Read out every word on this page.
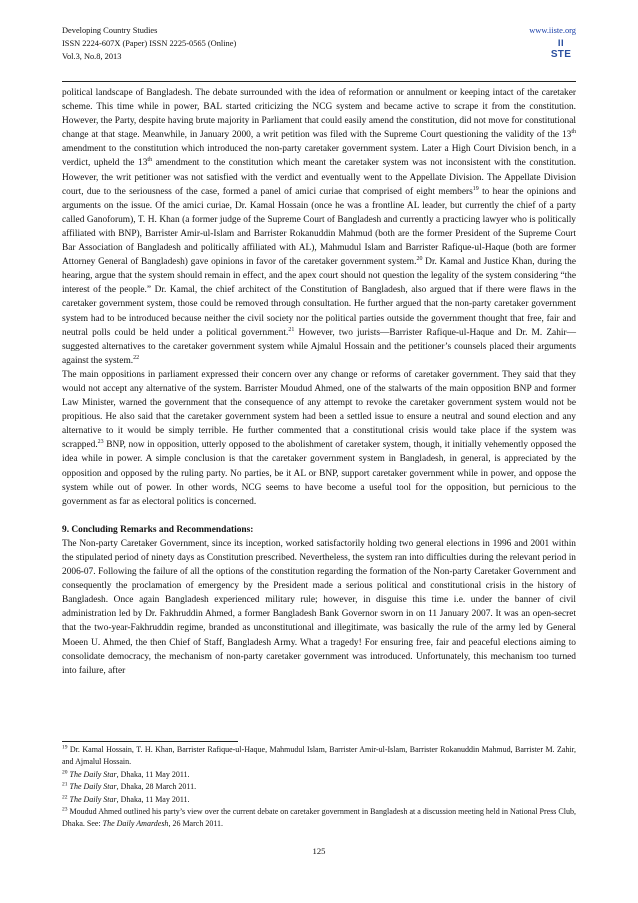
Developing Country Studies
ISSN 2224-607X (Paper) ISSN 2225-0565 (Online)
Vol.3, No.8, 2013
www.iiste.org
II
STE

political landscape of Bangladesh. The debate surrounded with the idea of reformation or annulment or keeping intact of the caretaker scheme. This time while in power, BAL started criticizing the NCG system and became active to scrape it from the constitution. However, the Party, despite having brute majority in Parliament that could easily amend the constitution, did not move for constitutional change at that stage. Meanwhile, in January 2000, a writ petition was filed with the Supreme Court questioning the validity of the 13th amendment to the constitution which introduced the non-party caretaker government system. Later a High Court Division bench, in a verdict, upheld the 13th amendment to the constitution which meant the caretaker system was not inconsistent with the constitution. However, the writ petitioner was not satisfied with the verdict and eventually went to the Appellate Division. The Appellate Division court, due to the seriousness of the case, formed a panel of amici curiae that comprised of eight members$^{19}$ to hear the opinions and arguments on the issue. Of the amici curiae, Dr. Kamal Hossain (once he was a frontline AL leader, but currently the chief of a party called Ganoforum), T. H. Khan (a former judge of the Supreme Court of Bangladesh and currently a practicing lawyer who is politically affiliated with BNP), Barrister Amir-ul-Islam and Barrister Rokanuddin Mahmud (both are the former President of the Supreme Court Bar Association of Bangladesh and politically affiliated with AL), Mahmudul Islam and Barrister Rafique-ul-Haque (both are former Attorney General of Bangladesh) gave opinions in favor of the caretaker government system.$^{20}$ Dr. Kamal and Justice Khan, during the hearing, argue that the system should remain in effect, and the apex court should not question the legality of the system considering “the interest of the people.” Dr. Kamal, the chief architect of the Constitution of Bangladesh, also argued that if there were flaws in the caretaker government system, those could be removed through consultation. He further argued that the non-party caretaker government system had to be introduced because neither the civil society nor the political parties outside the government thought that free, fair and neutral polls could be held under a political government.$^{21}$ However, two jurists—Barrister Rafique-ul-Haque and Dr. M. Zahir—suggested alternatives to the caretaker government system while Ajmalul Hossain and the petitioner’s counsels placed their arguments against the system.$^{22}$

The main oppositions in parliament expressed their concern over any change or reforms of caretaker government. They said that they would not accept any alternative of the system. Barrister Moudud Ahmed, one of the stalwarts of the main opposition BNP and former Law Minister, warned the government that the consequence of any attempt to revoke the caretaker government system would not be propitious. He also said that the caretaker government system had been a settled issue to ensure a neutral and sound election and any alternative to it would be simply terrible. He further commented that a constitutional crisis would take place if the system was scrapped.$^{23}$ BNP, now in opposition, utterly opposed to the abolishment of caretaker system, though, it initially vehemently opposed the idea while in power. A simple conclusion is that the caretaker government system in Bangladesh, in general, is appreciated by the opposition and opposed by the ruling party. No parties, be it AL or BNP, support caretaker government while in power, and oppose the system while out of power. In other words, NCG seems to have become a useful tool for the opposition, but pernicious to the government as far as electoral politics is concerned.

9. Concluding Remarks and Recommendations:

The Non-party Caretaker Government, since its inception, worked satisfactorily holding two general elections in 1996 and 2001 within the stipulated period of ninety days as Constitution prescribed. Nevertheless, the system ran into difficulties during the relevant period in 2006-07. Following the failure of all the options of the constitution regarding the formation of the Non-party Caretaker Government and consequently the proclamation of emergency by the President made a serious political and constitutional crisis in the history of Bangladesh. Once again Bangladesh experienced military rule; however, in disguise this time i.e. under the banner of civil administration led by Dr. Fakhruddin Ahmed, a former Bangladesh Bank Governor sworn in on 11 January 2007. It was an open-secret that the two-year-Fakhruddin regime, branded as unconstitutional and illegitimate, was basically the rule of the army led by General Moeen U. Ahmed, the then Chief of Staff, Bangladesh Army. What a tragedy! For ensuring free, fair and peaceful elections aiming to consolidate democracy, the mechanism of non-party caretaker government was introduced. Unfortunately, this mechanism too turned into failure, after

$^{19}$ Dr. Kamal Hossain, T. H. Khan, Barrister Rafique-ul-Haque, Mahmudul Islam, Barrister Amir-ul-Islam, Barrister Rokanuddin Mahmud, Barrister M. Zahir, and Ajmalul Hossain.

$^{20}$ The Daily Star, Dhaka, 11 May 2011.

$^{21}$ The Daily Star, Dhaka, 28 March 2011.

$^{22}$ The Daily Star, Dhaka, 11 May 2011.

$^{23}$ Moudud Ahmed outlined his party’s view over the current debate on caretaker government in Bangladesh at a discussion meeting held in National Press Club, Dhaka. See: The Daily Amardesh, 26 March 2011.

125
